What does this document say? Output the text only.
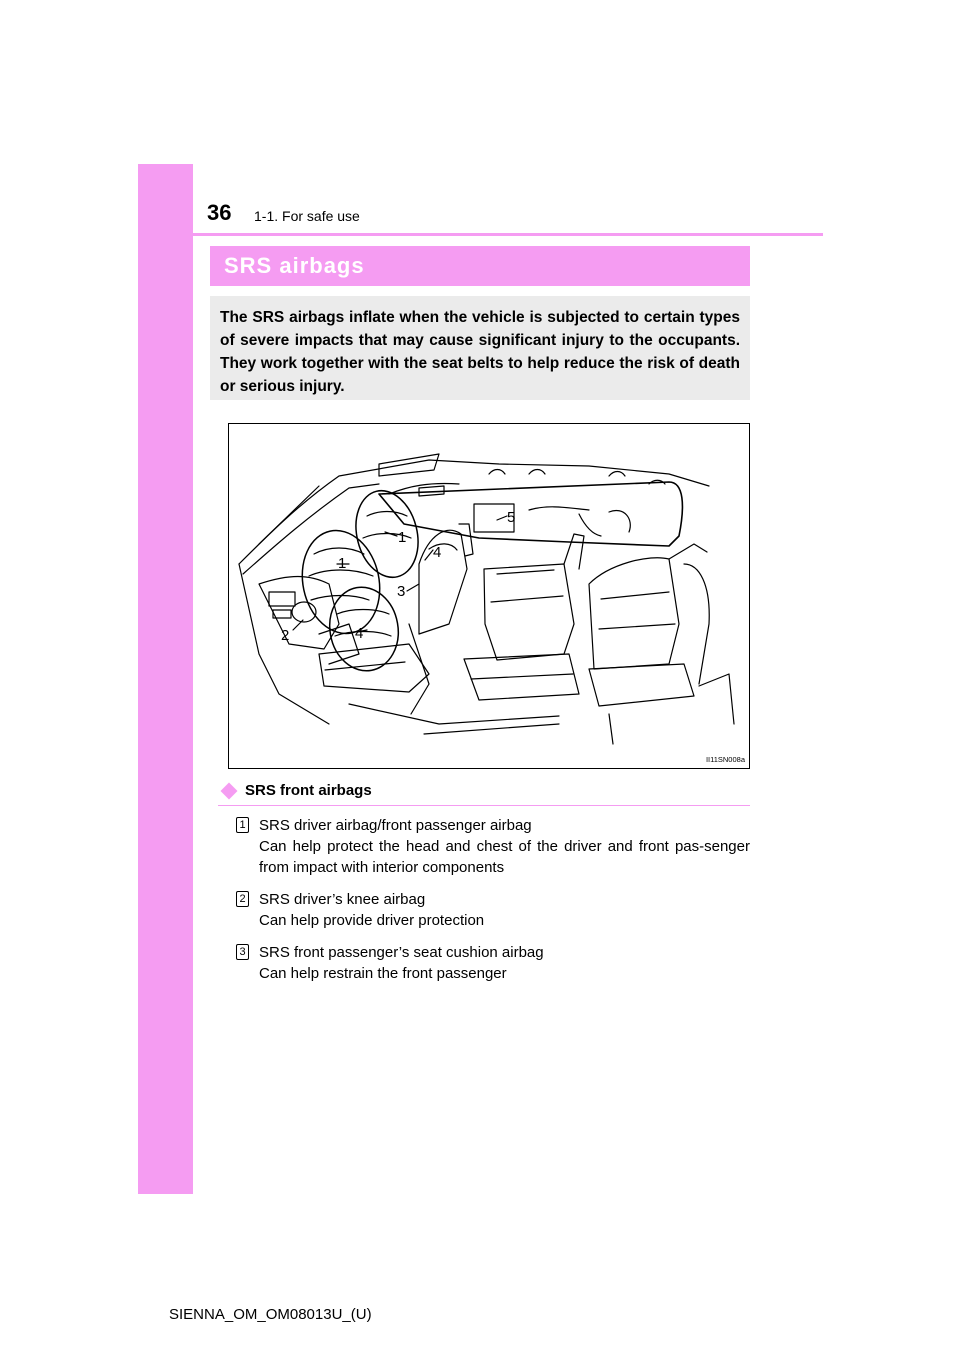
36 1-1. For safe use
SRS airbags

The SRS airbags inflate when the vehicle is subjected to certain types of severe impacts that may cause significant injury to the occupants. They work together with the seat belts to help reduce the risk of death or serious injury.

1
1
2
3
4
4
5
II11SN008a
SRS front airbags
1 SRS driver airbag/front passenger airbag
Can help protect the head and chest of the driver and front pas-senger from impact with interior components
2 SRS driver’s knee airbag
Can help provide driver protection
3 SRS front passenger’s seat cushion airbag
Can help restrain the front passenger
SIENNA_OM_OM08013U_(U)
